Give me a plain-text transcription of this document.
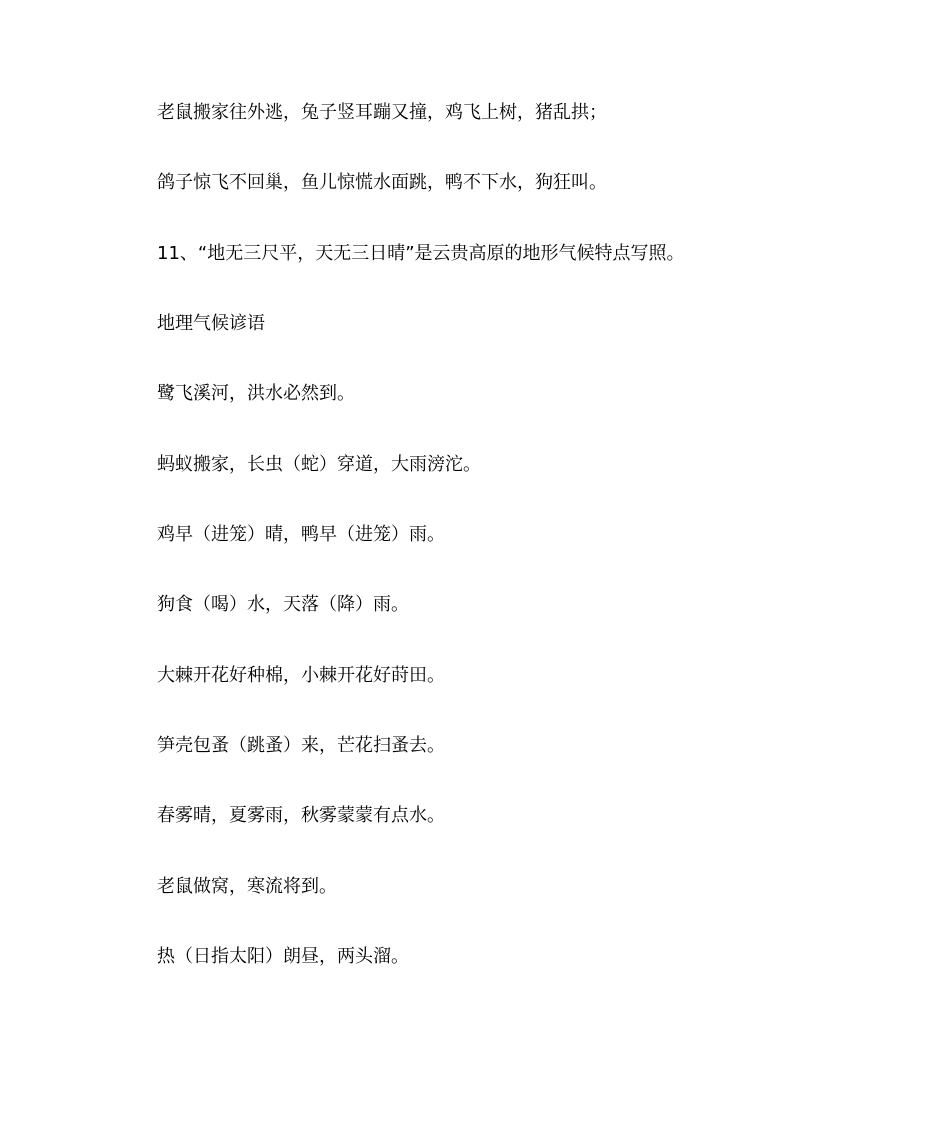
老鼠搬家往外逃，兔子竖耳蹦又撞，鸡飞上树，猪乱拱；
鸽子惊飞不回巢，鱼儿惊慌水面跳，鸭不下水，狗狂叫。
11、“地无三尺平，天无三日晴”是云贵高原的地形气候特点写照。
地理气候谚语
鹭飞溪河，洪水必然到。
蚂蚁搬家，长虫（蛇）穿道，大雨滂沱。
鸡早（进笼）晴，鸭早（进笼）雨。
狗食（喝）水，天落（降）雨。
大棘开花好种棉，小棘开花好莳田。
笋壳包蚤（跳蚤）来，芒花扫蚤去。
春雾晴，夏雾雨，秋雾蒙蒙有点水。
老鼠做窝，寒流将到。
热（日指太阳）朗昼，两头溜。
